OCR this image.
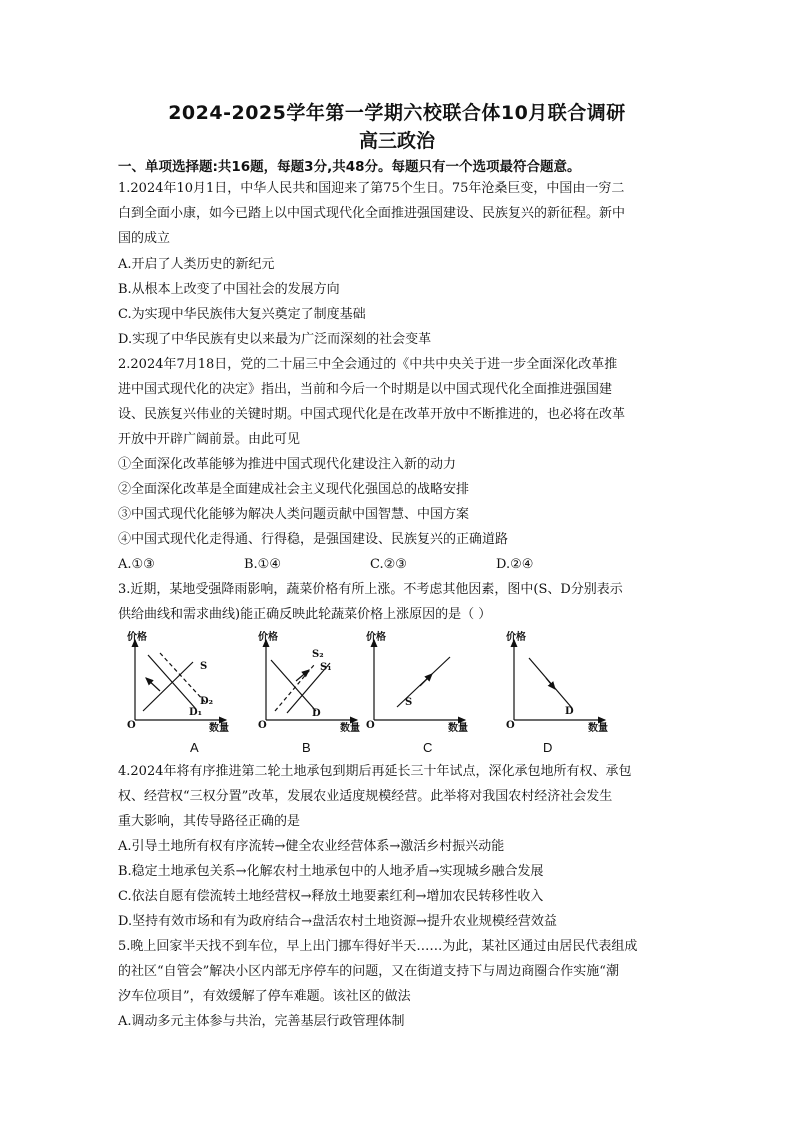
2024-2025学年第一学期六校联合体10月联合调研
高三政治
一、单项选择题:共16题，每题3分,共48分。每题只有一个选项最符合题意。
1.2024年10月1日，中华人民共和国迎来了第75个生日。75年沧桑巨变，中国由一穷二
白到全面小康，如今已踏上以中国式现代化全面推进强国建设、民族复兴的新征程。新中
国的成立
A.开启了人类历史的新纪元
B.从根本上改变了中国社会的发展方向
C.为实现中华民族伟大复兴奠定了制度基础
D.实现了中华民族有史以来最为广泛而深刻的社会变革
2.2024年7月18日，党的二十届三中全会通过的《中共中央关于进一步全面深化改革推
进中国式现代化的决定》指出，当前和今后一个时期是以中国式现代化全面推进强国建
设、民族复兴伟业的关键时期。中国式现代化是在改革开放中不断推进的，也必将在改革
开放中开辟广阔前景。由此可见
①全面深化改革能够为推进中国式现代化建设注入新的动力
②全面深化改革是全面建成社会主义现代化强国总的战略安排
③中国式现代化能够为解决人类问题贡献中国智慧、中国方案
④中国式现代化走得通、行得稳，是强国建设、民族复兴的正确道路
A.①③	B.①④	C.②③	D.②④
3.近期，某地受强降雨影响，蔬菜价格有所上涨。不考虑其他因素，图中(S、D分别表示
供给曲线和需求曲线)能正确反映此轮蔬菜价格上涨原因的是（ ）
价格
O	数量
S
D₂
D₁
价格
O	数量
S₂
S₁
D
价格
O	数量
S
价格
O	数量
D
A	B	C	D
4.2024年将有序推进第二轮土地承包到期后再延长三十年试点，深化承包地所有权、承包
权、经营权“三权分置”改革，发展农业适度规模经营。此举将对我国农村经济社会发生
重大影响，其传导路径正确的是
A.引导土地所有权有序流转→健全农业经营体系→激活乡村振兴动能
B.稳定土地承包关系→化解农村土地承包中的人地矛盾→实现城乡融合发展
C.依法自愿有偿流转土地经营权→释放土地要素红利→增加农民转移性收入
D.坚持有效市场和有为政府结合→盘活农村土地资源→提升农业规模经营效益
5.晚上回家半天找不到车位，早上出门挪车得好半天……为此，某社区通过由居民代表组成
的社区“自管会”解决小区内部无序停车的问题，又在街道支持下与周边商圈合作实施“潮
汐车位项目”，有效缓解了停车难题。该社区的做法
A.调动多元主体参与共治，完善基层行政管理体制
